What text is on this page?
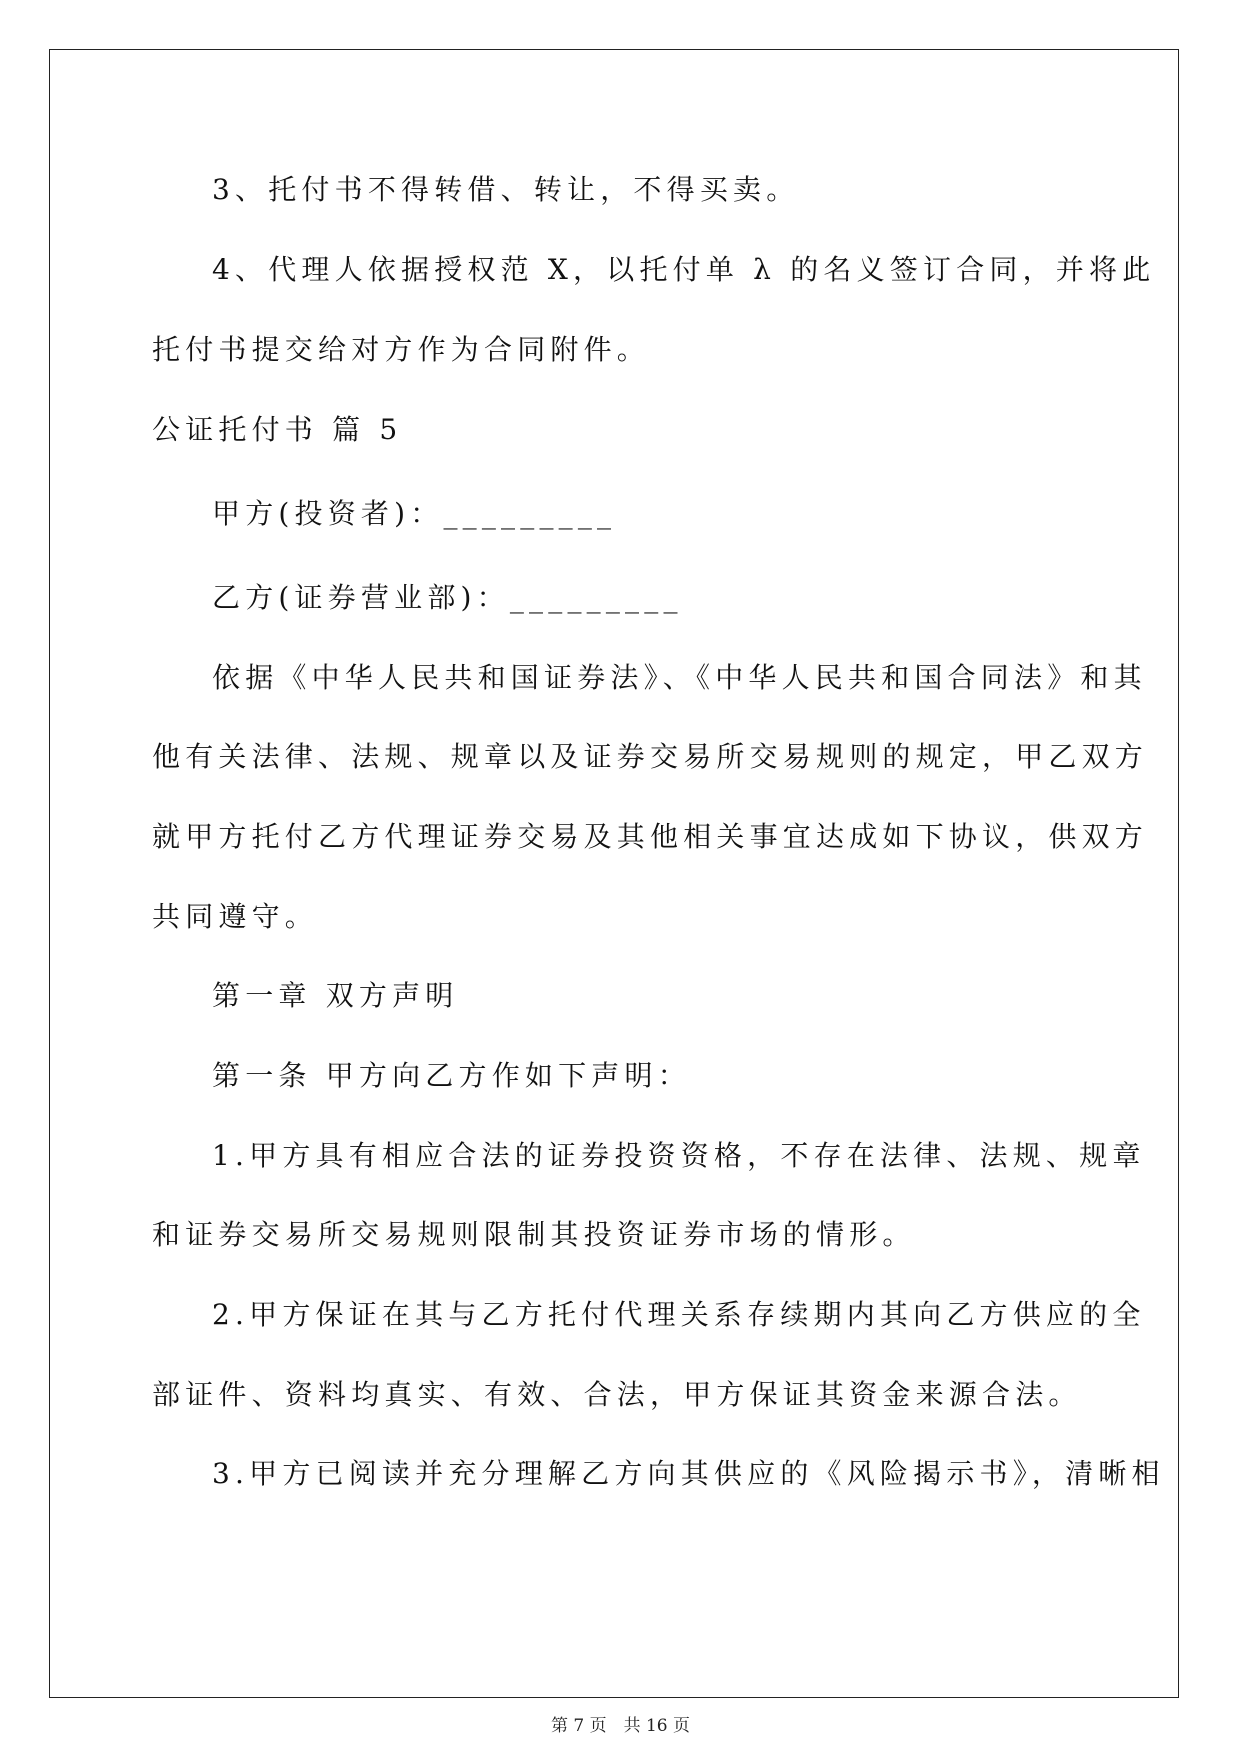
3、托付书不得转借、转让，不得买卖。
4、代理人依据授权范 X，以托付单 λ 的名义签订合同，并将此
托付书提交给对方作为合同附件。
公证托付书 篇 5
甲方(投资者)：_________
乙方(证券营业部)：_________
依据《中华人民共和国证券法》、《中华人民共和国合同法》和其
他有关法律、法规、规章以及证券交易所交易规则的规定，甲乙双方
就甲方托付乙方代理证券交易及其他相关事宜达成如下协议，供双方
共同遵守。
第一章 双方声明
第一条 甲方向乙方作如下声明：
1.甲方具有相应合法的证券投资资格，不存在法律、法规、规章
和证券交易所交易规则限制其投资证券市场的情形。
2.甲方保证在其与乙方托付代理关系存续期内其向乙方供应的全
部证件、资料均真实、有效、合法，甲方保证其资金来源合法。
3.甲方已阅读并充分理解乙方向其供应的《风险揭示书》，清晰相
第 7 页　共 16 页
